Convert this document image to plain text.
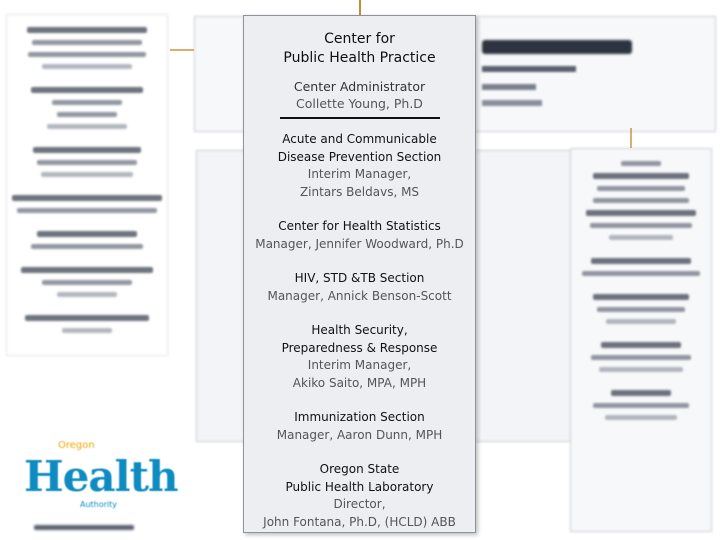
Center for
Public Health Practice
Center Administrator
Collette Young, Ph.D
Acute and Communicable
Disease Prevention Section
Interim Manager,
Zintars Beldavs, MS
Center for Health Statistics
Manager, Jennifer Woodward, Ph.D
HIV, STD &TB Section
Manager, Annick Benson-Scott
Health Security,
Preparedness & Response
Interim Manager,
Akiko Saito, MPA, MPH
Immunization Section
Manager, Aaron Dunn, MPH
Oregon State
Public Health Laboratory
Director,
John Fontana, Ph.D, (HCLD) ABB
Oregon
Health
Authority
